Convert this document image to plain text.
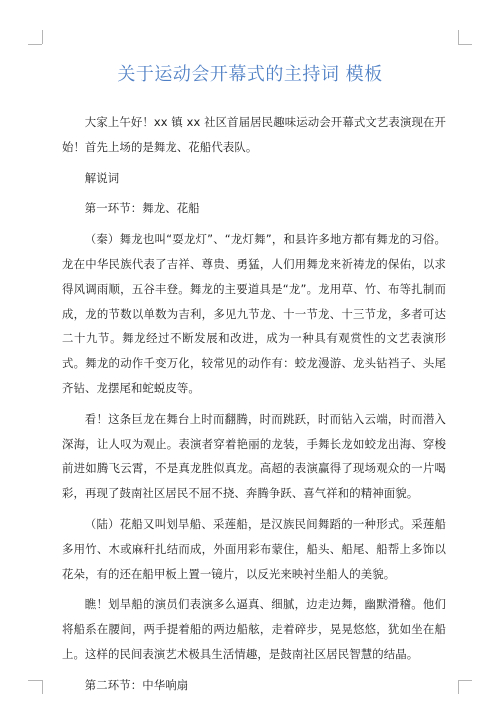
关于运动会开幕式的主持词 模板

大家上午好！xx 镇 xx 社区首届居民趣味运动会开幕式文艺表演现在开始！首先上场的是舞龙、花船代表队。

解说词

第一环节：舞龙、花船

（秦）舞龙也叫“耍龙灯”、“龙灯舞”，和县许多地方都有舞龙的习俗。龙在中华民族代表了吉祥、尊贵、勇猛，人们用舞龙来祈祷龙的保佑，以求得风调雨顺，五谷丰登。舞龙的主要道具是“龙”。龙用草、竹、布等扎制而成，龙的节数以单数为吉利，多见九节龙、十一节龙、十三节龙，多者可达二十九节。舞龙经过不断发展和改进，成为一种具有观赏性的文艺表演形式。舞龙的动作千变万化，较常见的动作有：蛟龙漫游、龙头钻裆子、头尾齐钻、龙摆尾和蛇蜕皮等。

看！这条巨龙在舞台上时而翻腾，时而跳跃，时而钻入云端，时而潜入深海，让人叹为观止。表演者穿着艳丽的龙装，手舞长龙如蛟龙出海、穿梭前进如腾飞云霄，不是真龙胜似真龙。高超的表演赢得了现场观众的一片喝彩，再现了鼓南社区居民不屈不挠、奔腾争跃、喜气祥和的精神面貌。

（陆）花船又叫划旱船、采莲船，是汉族民间舞蹈的一种形式。采莲船多用竹、木或麻秆扎结而成，外面用彩布蒙住，船头、船尾、船帮上多饰以花朵，有的还在船甲板上置一镜片，以反光来映衬坐船人的美貌。

瞧！划旱船的演员们表演多么逼真、细腻，边走边舞，幽默滑稽。他们将船系在腰间，两手提着船的两边船舷，走着碎步，晃晃悠悠，犹如坐在船上。这样的民间表演艺术极具生活情趣，是鼓南社区居民智慧的结晶。

第二环节：中华响扇
